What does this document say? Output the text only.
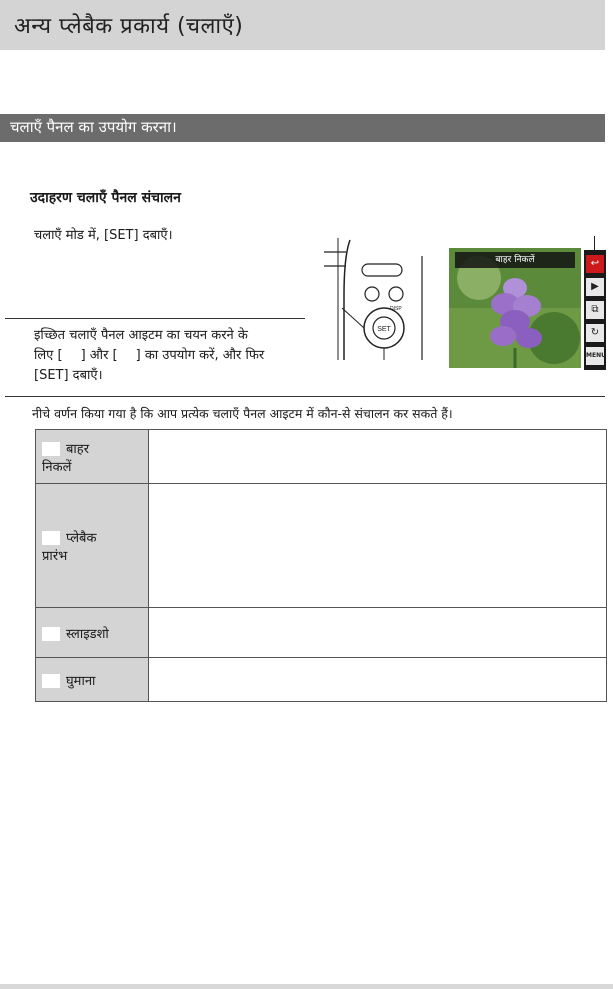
अन्य प्लेबैक प्रकार्य (चलाएँ)
चलाएँ पैनल का उपयोग करना।
उदाहरण चलाएँ पैनल संचालन
चलाएँ मोड में, [SET] दबाएँ।
इच्छित चलाएँ पैनल आइटम का चयन करने के
लिए [ ] और [ ] का उपयोग करें, और फिर
[SET] दबाएँ।
SET
DISP
बाहर निकलें	↩
▶
⧉
↻
MENU
नीचे वर्णन किया गया है कि आप प्रत्येक चलाएँ पैनल आइटम में कौन-से संचालन कर सकते हैं।
बाहर
निकलें	
प्लेबैक
प्रारंभ	
स्लाइडशो	
घुमाना	
